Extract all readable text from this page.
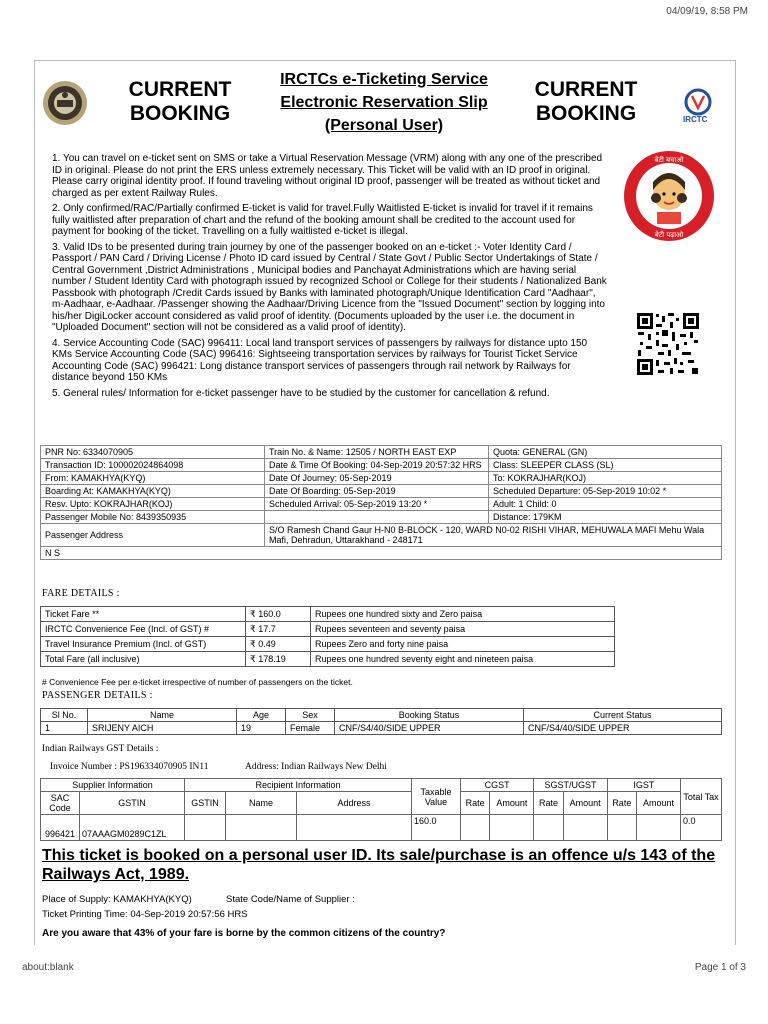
04/09/19, 8:58 PM
CURRENT
BOOKING
IRCTCs e-Ticketing Service
Electronic Reservation Slip
(Personal User)
CURRENT
BOOKING	IRCTC
बेटी बचाओ
बेटी पढ़ाओ

1. You can travel on e-ticket sent on SMS or take a Virtual Reservation Message (VRM) along with any one of the prescribed ID in original. Please do not print the ERS unless extremely necessary. This Ticket will be valid with an ID proof in original. Please carry original identity proof. If found traveling without original ID proof, passenger will be treated as without ticket and charged as per extent Railway Rules.

2. Only confirmed/RAC/Partially confirmed E-ticket is valid for travel.Fully Waitlisted E-ticket is invalid for travel if it remains fully waitlisted after preparation of chart and the refund of the booking amount shall be credited to the account used for payment for booking of the ticket. Travelling on a fully waitlisted e-ticket is illegal.

3. Valid IDs to be presented during train journey by one of the passenger booked on an e-ticket :- Voter Identity Card / Passport / PAN Card / Driving License / Photo ID card issued by Central / State Govt / Public Sector Undertakings of State / Central Government ,District Administrations , Municipal bodies and Panchayat Administrations which are having serial number / Student Identity Card with photograph issued by recognized School or College for their students / Nationalized Bank Passbook with photograph /Credit Cards issued by Banks with laminated photograph/Unique Identification Card "Aadhaar", m-Aadhaar, e-Aadhaar. /Passenger showing the Aadhaar/Driving Licence from the "Issued Document" section by logging into his/her DigiLocker account considered as valid proof of identity. (Documents uploaded by the user i.e. the document in "Uploaded Document" section will not be considered as a valid proof of identity).

4. Service Accounting Code (SAC) 996411: Local land transport services of passengers by railways for distance upto 150 KMs Service Accounting Code (SAC) 996416: Sightseeing transportation services by railways for Tourist Ticket Service Accounting Code (SAC) 996421: Long distance transport services of passengers through rail network by Railways for distance beyond 150 KMs

5. General rules/ Information for e-ticket passenger have to be studied by the customer for cancellation & refund.

PNR No: 6334070905	Train No. & Name: 12505 / NORTH EAST EXP	Quota: GENERAL (GN)
Transaction ID: 100002024864098	Date & Time Of Booking: 04-Sep-2019 20:57:32 HRS	Class: SLEEPER CLASS (SL)
From: KAMAKHYA(KYQ)	Date Of Journey: 05-Sep-2019	To: KOKRAJHAR(KOJ)
Boarding At: KAMAKHYA(KYQ)	Date Of Boarding: 05-Sep-2019	Scheduled Departure: 05-Sep-2019 10:02 *
Resv. Upto: KOKRAJHAR(KOJ)	Scheduled Arrival: 05-Sep-2019 13:20 *	Adult: 1 Child: 0
Passenger Mobile No: 8439350935		Distance: 179KM
Passenger Address	S/O Ramesh Chand Gaur H-N0 B-BLOCK - 120, WARD N0-02 RISHI VIHAR, MEHUWALA MAFI Mehu Wala Mafi, Dehradun, Uttarakhand - 248171	
N S		
FARE DETAILS :
Ticket Fare **	₹ 160.0	Rupees one hundred sixty and Zero paisa
IRCTC Convenience Fee (Incl. of GST) #	₹ 17.7	Rupees seventeen and seventy paisa
Travel Insurance Premium (Incl. of GST)	₹ 0.49	Rupees Zero and forty nine paisa
Total Fare (all inclusive)	₹ 178.19	Rupees one hundred seventy eight and nineteen paisa
# Convenience Fee per e-ticket irrespective of number of passengers on the ticket.
PASSENGER DETAILS :
Sl No.	Name	Age	Sex	Booking Status	Current Status
1	SRIJENY AICH	19	Female	CNF/S4/40/SIDE UPPER	CNF/S4/40/SIDE UPPER
Indian Railways GST Details :
Invoice Number : PS196334070905 IN11	Address: Indian Railways New Delhi
Supplier Information		Recipient Information			Taxable Value	CGST		SGST/UGST		IGST		Total Tax
SAC Code	GSTIN	GSTIN	Name	Address		Rate	Amount	Rate	Amount	Rate	Amount	
996421	07AAAGM0289C1ZL				160.0							0.0
This ticket is booked on a personal user ID. Its sale/purchase is an offence u/s 143 of the Railways Act, 1989.
Place of Supply: KAMAKHYA(KYQ)	State Code/Name of Supplier :
Ticket Printing Time: 04-Sep-2019 20:57:56 HRS
Are you aware that 43% of your fare is borne by the common citizens of the country?
about:blank	Page 1 of 3
